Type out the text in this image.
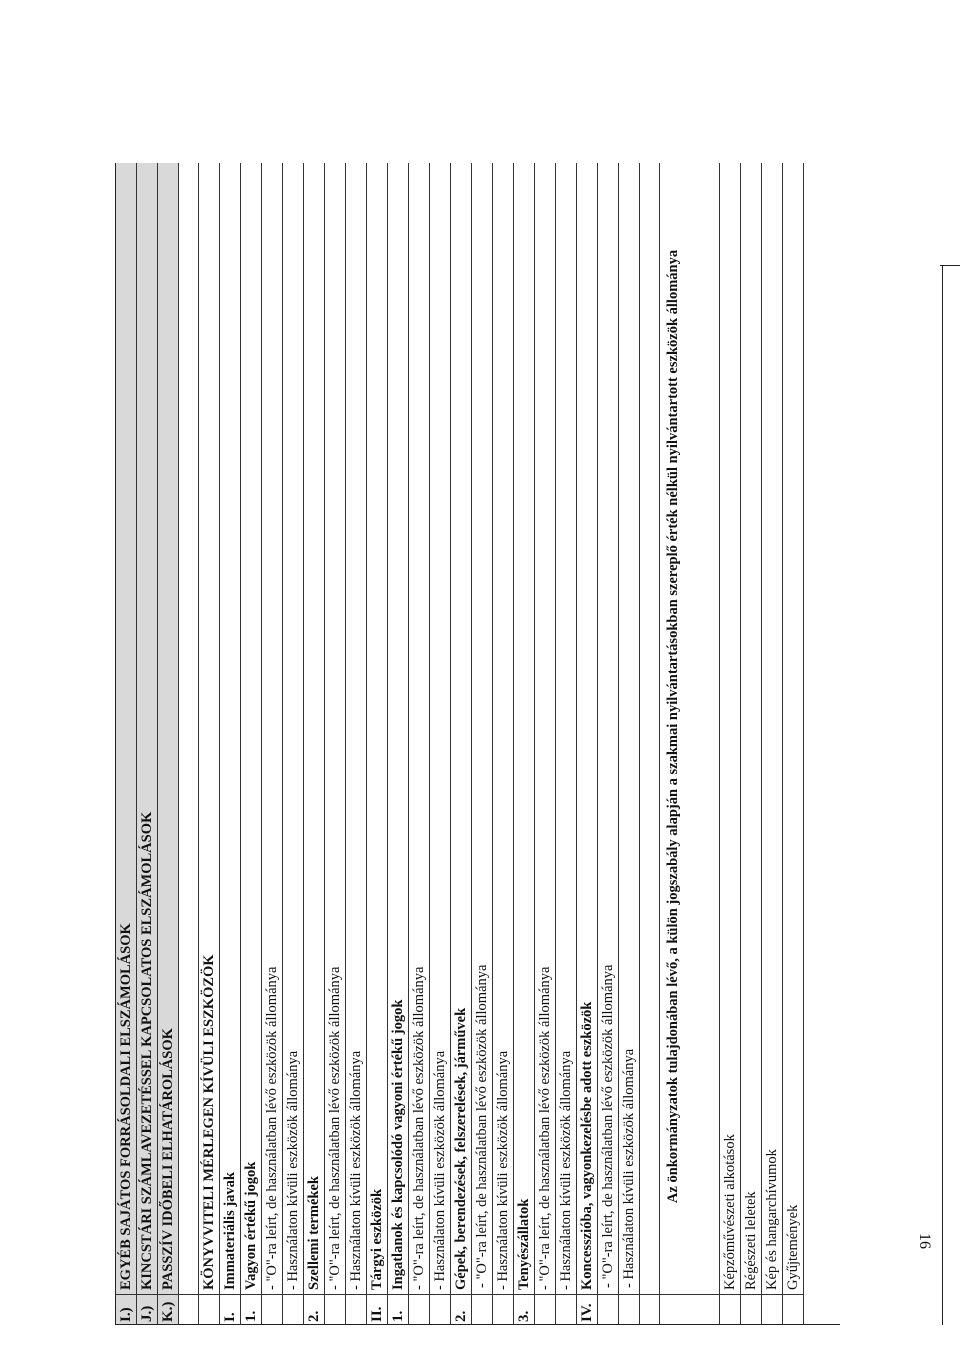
I.)
EGYÉB SAJÁTOS FORRÁSOLDALI ELSZÁMOLÁSOK
J.)
KINCSTÁRI SZÁMLAVEZETÉSSEL KAPCSOLATOS ELSZÁMOLÁSOK
K.)
PASSZÍV IDŐBELI ELHATÁROLÁSOK KÖNYVVITELI MÉRLEGEN KÍVÜLI ESZKÖZÖK
I.
Immateriális javak
1.
Vagyon értékű jogok - "O"-ra leírt, de használatban lévő eszközök állománya - Használaton kívüli eszközök állománya
2.
Szellemi termékek - "O"-ra leírt, de használatban lévő eszközök állománya - Használaton kívüli eszközök állománya
II.
Tárgyi eszközök
1.
Ingatlanok és kapcsolódó vagyoni értékű jogok - "O"-ra leírt, de használatban lévő eszközök állománya - Használaton kívüli eszközök állománya
2.
Gépek, berendezések, felszerelések, járművek - "O"-ra leírt, de használatban lévő eszközök állománya - Használaton kívüli eszközök állománya
3.
Tenyészállatok - "O"-ra leírt, de használatban lévő eszközök állománya - Használaton kívüli eszközök állománya
IV.
Koncesszióba, vagyonkezelésbe adott eszközök - "O"-ra leírt, de használatban lévő eszközök állománya - Használaton kívüli eszközök állománya	Az önkormányzatok tulajdonában lévő, a külön jogszabály alapján a szakmai nyilvántartásokban szereplő érték nélkül nyilvántartott eszközök állománya
Képzőművészeti alkotások Régészeti leletek Kép és hangarchívumok Gyűjtemények	16
